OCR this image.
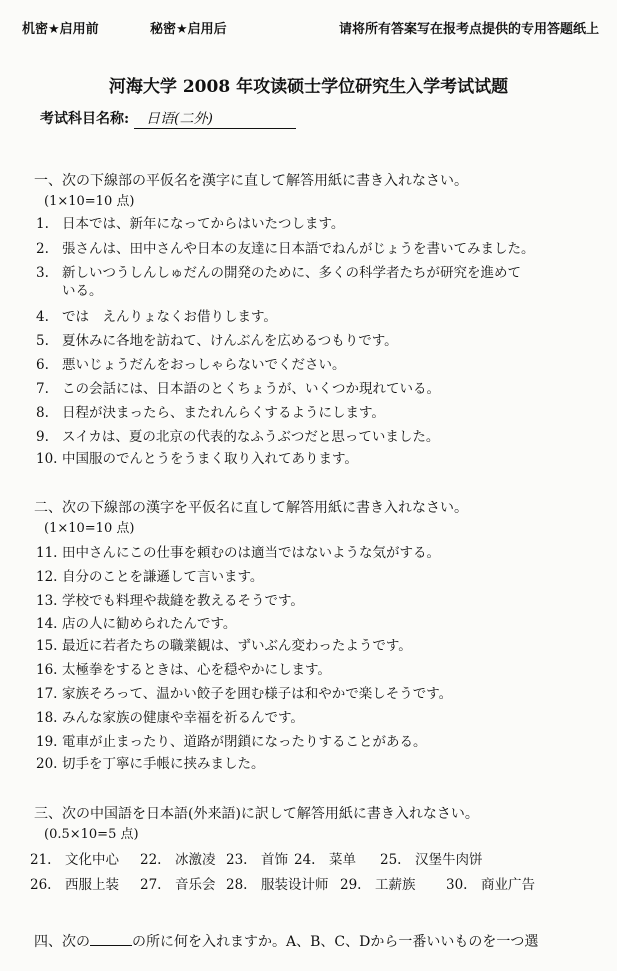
机密★启用前	秘密★启用后	请将所有答案写在报考点提供的专用答题纸上
河海大学 2008 年攻读硕士学位研究生入学考试试题
考试科目名称: 日语(二外)
一、次の下線部の平仮名を漢字に直して解答用紙に書き入れなさい。
(1×10=10 点)
1. 日本では、新年になってからはいたつします。
2. 張さんは、田中さんや日本の友達に日本語でねんがじょうを書いてみました。
3. 新しいつうしんしゅだんの開発のために、多くの科学者たちが研究を進めて
いる。
4. では　えんりょなくお借りします。
5. 夏休みに各地を訪ねて、けんぶんを広めるつもりです。
6. 悪いじょうだんをおっしゃらないでください。
7. この会話には、日本語のとくちょうが、いくつか現れている。
8. 日程が決まったら、またれんらくするようにします。
9. スイカは、夏の北京の代表的なふうぶつだと思っていました。
10. 中国服のでんとうをうまく取り入れてあります。
二、次の下線部の漢字を平仮名に直して解答用紙に書き入れなさい。
(1×10=10 点)
11. 田中さんにこの仕事を頼むのは適当ではないような気がする。
12. 自分のことを謙遜して言います。
13. 学校でも料理や裁縫を教えるそうです。
14. 店の人に勧められたんです。
15. 最近に若者たちの職業観は、ずいぶん変わったようです。
16. 太極拳をするときは、心を穏やかにします。
17. 家族そろって、温かい餃子を囲む様子は和やかで楽しそうです。
18. みんな家族の健康や幸福を祈るんです。
19. 電車が止まったり、道路が閉鎖になったりすることがある。
20. 切手を丁寧に手帳に挟みました。
三、次の中国語を日本語(外来語)に訳して解答用紙に書き入れなさい。
(0.5×10=5 点)
21.　文化中心 22.　冰激凌 23.　首饰 24.　菜单 25.　汉堡牛肉饼
26.　西服上装 27.　音乐会 28.　服装设计师 29.　工薪族 30.　商业广告
四、次の	の所に何を入れますか。A、B、C、Dから一番いいものを一つ選
